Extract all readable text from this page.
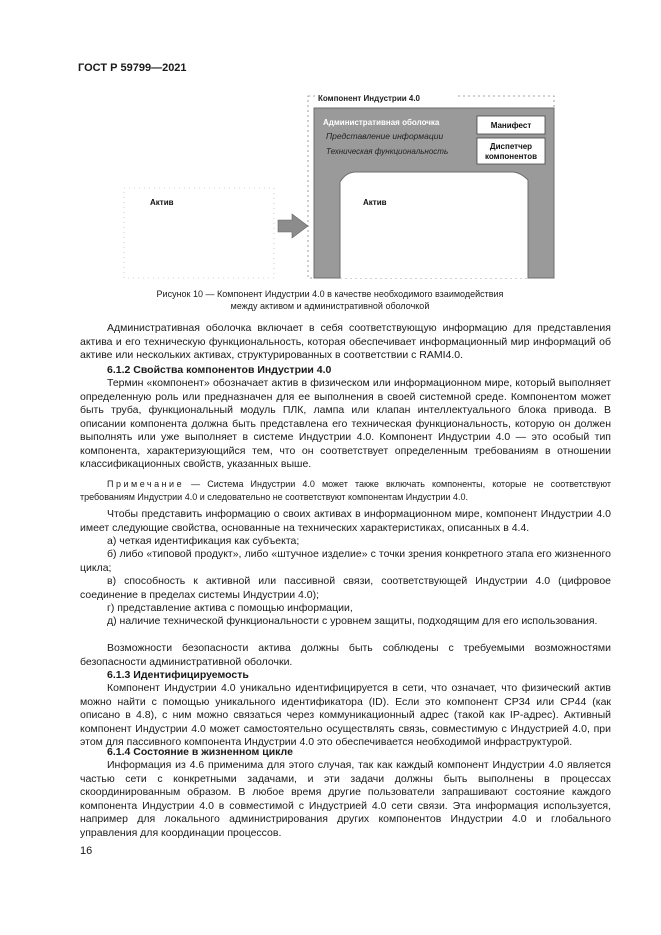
ГОСТ Р 59799—2021
Компонент Индустрии 4.0
Административная оболочка
Представление информации
Техническая функциональность
Манифест
Диспетчер
компонентов
Актив	Актив
Рисунок 10 — Компонент Индустрии 4.0 в качестве необходимого взаимодействия
между активом и административной оболочкой

Административная оболочка включает в себя соответствующую информацию для представления актива и его техническую функциональность, которая обеспечивает информационный мир информаций об активе или нескольких активах, структурированных в соответствии с RAMI4.0.

6.1.2 Свойства компонентов Индустрии 4.0

Термин «компонент» обозначает актив в физическом или информационном мире, который выполняет определенную роль или предназначен для ее выполнения в своей системной среде. Компонентом может быть труба, функциональный модуль ПЛК, лампа или клапан интеллектуального блока привода. В описании компонента должна быть представлена его техническая функциональность, которую он должен выполнять или уже выполняет в системе Индустрии 4.0. Компонент Индустрии 4.0 — это особый тип компонента, характеризующийся тем, что он соответствует определенным требованиям в отношении классификационных свойств, указанных выше.

Примечание — Система Индустрии 4.0 может также включать компоненты, которые не соответствуют требованиям Индустрии 4.0 и следовательно не соответствуют компонентам Индустрии 4.0.

Чтобы представить информацию о своих активах в информационном мире, компонент Индустрии 4.0 имеет следующие свойства, основанные на технических характеристиках, описанных в 4.4.

а) четкая идентификация как субъекта;

б) либо «типовой продукт», либо «штучное изделие» с точки зрения конкретного этапа его жизненного цикла;

в) способность к активной или пассивной связи, соответствующей Индустрии 4.0 (цифровое соединение в пределах системы Индустрии 4.0);

г) представление актива с помощью информации,

д) наличие технической функциональности с уровнем защиты, подходящим для его использования.

Возможности безопасности актива должны быть соблюдены с требуемыми возможностями безопасности административной оболочки.

6.1.3 Идентифицируемость

Компонент Индустрии 4.0 уникально идентифицируется в сети, что означает, что физический актив можно найти с помощью уникального идентификатора (ID). Если это компонент CP34 или CP44 (как описано в 4.8), с ним можно связаться через коммуникационный адрес (такой как IP-адрес). Активный компонент Индустрии 4.0 может самостоятельно осуществлять связь, совместимую с Индустрией 4.0, при этом для пассивного компонента Индустрии 4.0 это обеспечивается необходимой инфраструктурой.

6.1.4 Состояние в жизненном цикле

Информация из 4.6 применима для этого случая, так как каждый компонент Индустрии 4.0 является частью сети с конкретными задачами, и эти задачи должны быть выполнены в процессах скоординированным образом. В любое время другие пользователи запрашивают состояние каждого компонента Индустрии 4.0 в совместимой с Индустрией 4.0 сети связи. Эта информация используется, например для локального администрирования других компонентов Индустрии 4.0 и глобального управления для координации процессов.

16
